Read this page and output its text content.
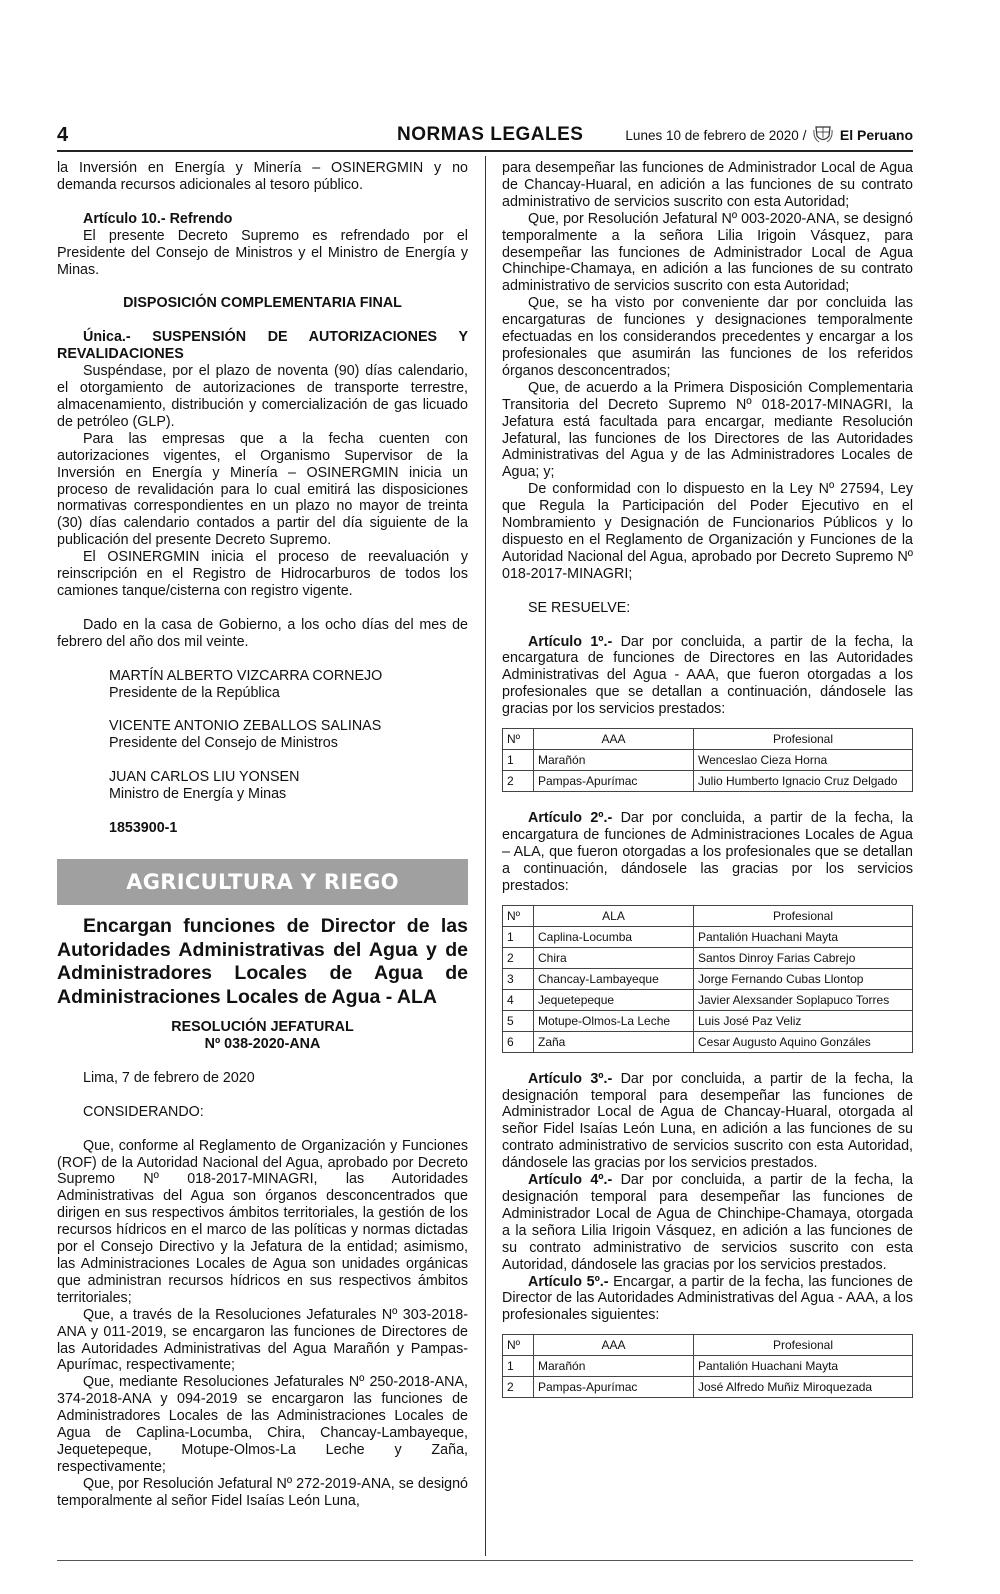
4	NORMAS LEGALES	Lunes 10 de febrero de 2020 / El Peruano

la Inversión en Energía y Minería – OSINERGMIN y no demanda recursos adicionales al tesoro público.

Artículo 10.- Refrendo

El presente Decreto Supremo es refrendado por el Presidente del Consejo de Ministros y el Ministro de Energía y Minas.

DISPOSICIÓN COMPLEMENTARIA FINAL

Única.- SUSPENSIÓN DE AUTORIZACIONES Y REVALIDACIONES

Suspéndase, por el plazo de noventa (90) días calendario, el otorgamiento de autorizaciones de transporte terrestre, almacenamiento, distribución y comercialización de gas licuado de petróleo (GLP).

Para las empresas que a la fecha cuenten con autorizaciones vigentes, el Organismo Supervisor de la Inversión en Energía y Minería – OSINERGMIN inicia un proceso de revalidación para lo cual emitirá las disposiciones normativas correspondientes en un plazo no mayor de treinta (30) días calendario contados a partir del día siguiente de la publicación del presente Decreto Supremo.

El OSINERGMIN inicia el proceso de reevaluación y reinscripción en el Registro de Hidrocarburos de todos los camiones tanque/cisterna con registro vigente.

Dado en la casa de Gobierno, a los ocho días del mes de febrero del año dos mil veinte.

MARTÍN ALBERTO VIZCARRA CORNEJO

Presidente de la República

VICENTE ANTONIO ZEBALLOS SALINAS

Presidente del Consejo de Ministros

JUAN CARLOS LIU YONSEN

Ministro de Energía y Minas

1853900-1

AGRICULTURA Y RIEGO

Encargan funciones de Director de las Autoridades Administrativas del Agua y de Administradores Locales de Agua de Administraciones Locales de Agua - ALA

RESOLUCIÓN JEFATURAL

Nº 038-2020-ANA

Lima, 7 de febrero de 2020

CONSIDERANDO:

Que, conforme al Reglamento de Organización y Funciones (ROF) de la Autoridad Nacional del Agua, aprobado por Decreto Supremo Nº 018-2017-MINAGRI, las Autoridades Administrativas del Agua son órganos desconcentrados que dirigen en sus respectivos ámbitos territoriales, la gestión de los recursos hídricos en el marco de las políticas y normas dictadas por el Consejo Directivo y la Jefatura de la entidad; asimismo, las Administraciones Locales de Agua son unidades orgánicas que administran recursos hídricos en sus respectivos ámbitos territoriales;

Que, a través de la Resoluciones Jefaturales Nº 303-2018-ANA y 011-2019, se encargaron las funciones de Directores de las Autoridades Administrativas del Agua Marañón y Pampas-Apurímac, respectivamente;

Que, mediante Resoluciones Jefaturales Nº 250-2018-ANA, 374-2018-ANA y 094-2019 se encargaron las funciones de Administradores Locales de las Administraciones Locales de Agua de Caplina-Locumba, Chira, Chancay-Lambayeque, Jequetepeque, Motupe-Olmos-La Leche y Zaña, respectivamente;

Que, por Resolución Jefatural Nº 272-2019-ANA, se designó temporalmente al señor Fidel Isaías León Luna,

para desempeñar las funciones de Administrador Local de Agua de Chancay-Huaral, en adición a las funciones de su contrato administrativo de servicios suscrito con esta Autoridad;

Que, por Resolución Jefatural Nº 003-2020-ANA, se designó temporalmente a la señora Lilia Irigoin Vásquez, para desempeñar las funciones de Administrador Local de Agua Chinchipe-Chamaya, en adición a las funciones de su contrato administrativo de servicios suscrito con esta Autoridad;

Que, se ha visto por conveniente dar por concluida las encargaturas de funciones y designaciones temporalmente efectuadas en los considerandos precedentes y encargar a los profesionales que asumirán las funciones de los referidos órganos desconcentrados;

Que, de acuerdo a la Primera Disposición Complementaria Transitoria del Decreto Supremo Nº 018-2017-MINAGRI, la Jefatura está facultada para encargar, mediante Resolución Jefatural, las funciones de los Directores de las Autoridades Administrativas del Agua y de las Administradores Locales de Agua; y;

De conformidad con lo dispuesto en la Ley Nº 27594, Ley que Regula la Participación del Poder Ejecutivo en el Nombramiento y Designación de Funcionarios Públicos y lo dispuesto en el Reglamento de Organización y Funciones de la Autoridad Nacional del Agua, aprobado por Decreto Supremo Nº 018-2017-MINAGRI;

SE RESUELVE:

Artículo 1º.- Dar por concluida, a partir de la fecha, la encargatura de funciones de Directores en las Autoridades Administrativas del Agua - AAA, que fueron otorgadas a los profesionales que se detallan a continuación, dándosele las gracias por los servicios prestados:

Nº	AAA	Profesional
1	Marañón	Wenceslao Cieza Horna
2	Pampas-Apurímac	Julio Humberto Ignacio Cruz Delgado

Artículo 2º.- Dar por concluida, a partir de la fecha, la encargatura de funciones de Administraciones Locales de Agua – ALA, que fueron otorgadas a los profesionales que se detallan a continuación, dándosele las gracias por los servicios prestados:

Nº	ALA	Profesional
1	Caplina-Locumba	Pantalión Huachani Mayta
2	Chira	Santos Dinroy Farias Cabrejo
3	Chancay-Lambayeque	Jorge Fernando Cubas Llontop
4	Jequetepeque	Javier Alexsander Soplapuco Torres
5	Motupe-Olmos-La Leche	Luis José Paz Veliz
6	Zaña	Cesar Augusto Aquino Gonzáles

Artículo 3º.- Dar por concluida, a partir de la fecha, la designación temporal para desempeñar las funciones de Administrador Local de Agua de Chancay-Huaral, otorgada al señor Fidel Isaías León Luna, en adición a las funciones de su contrato administrativo de servicios suscrito con esta Autoridad, dándosele las gracias por los servicios prestados.

Artículo 4º.- Dar por concluida, a partir de la fecha, la designación temporal para desempeñar las funciones de Administrador Local de Agua de Chinchipe-Chamaya, otorgada a la señora Lilia Irigoin Vásquez, en adición a las funciones de su contrato administrativo de servicios suscrito con esta Autoridad, dándosele las gracias por los servicios prestados.

Artículo 5º.- Encargar, a partir de la fecha, las funciones de Director de las Autoridades Administrativas del Agua - AAA, a los profesionales siguientes:

Nº	AAA	Profesional
1	Marañón	Pantalión Huachani Mayta
2	Pampas-Apurímac	José Alfredo Muñiz Miroquezada
